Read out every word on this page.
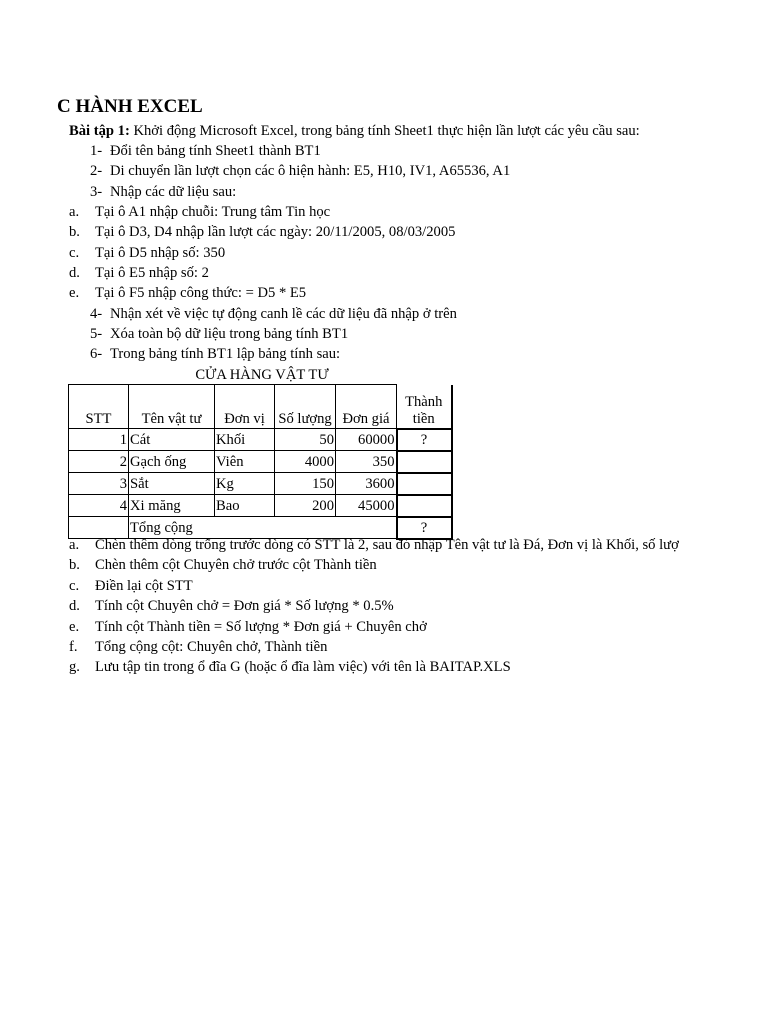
C HÀNH EXCEL
Bài tập 1: Khởi động Microsoft Excel, trong bảng tính Sheet1 thực hiện lần lượt các yêu cầu sau:
1- Đổi tên bảng tính Sheet1 thành BT1
2- Di chuyển lần lượt chọn các ô hiện hành: E5, H10, IV1, A65536, A1
3- Nhập các dữ liệu sau:
a. Tại ô A1 nhập chuỗi: Trung tâm Tin học
b. Tại ô D3, D4 nhập lần lượt các ngày: 20/11/2005, 08/03/2005
c. Tại ô D5 nhập số: 350
d. Tại ô E5 nhập số: 2
e. Tại ô F5 nhập công thức: = D5 * E5
4- Nhận xét về việc tự động canh lề các dữ liệu đã nhập ở trên
5- Xóa toàn bộ dữ liệu trong bảng tính BT1
6- Trong bảng tính BT1 lập bảng tính sau:
CỬA HÀNG VẬT TƯ
STT	Tên vật tư	Đơn vị	Số lượng	Đơn giá	Thành
tiền
1	Cát	Khối	50	60000	?
2	Gạch ống	Viên	4000	350	
3	Sắt	Kg	150	3600	
4	Xi măng	Bao	200	45000	
	Tổng cộng				?
a. Chèn thêm dòng trống trước dòng có STT là 2, sau đó nhập Tên vật tư là Đá, Đơn vị là Khối, số lượ
b. Chèn thêm cột Chuyên chở trước cột Thành tiền
c. Điền lại cột STT
d. Tính cột Chuyên chở = Đơn giá * Số lượng * 0.5%
e. Tính cột Thành tiền = Số lượng * Đơn giá + Chuyên chở
f. Tổng cộng cột: Chuyên chở, Thành tiền
g. Lưu tập tin trong ổ đĩa G (hoặc ổ đĩa làm việc) với tên là BAITAP.XLS
